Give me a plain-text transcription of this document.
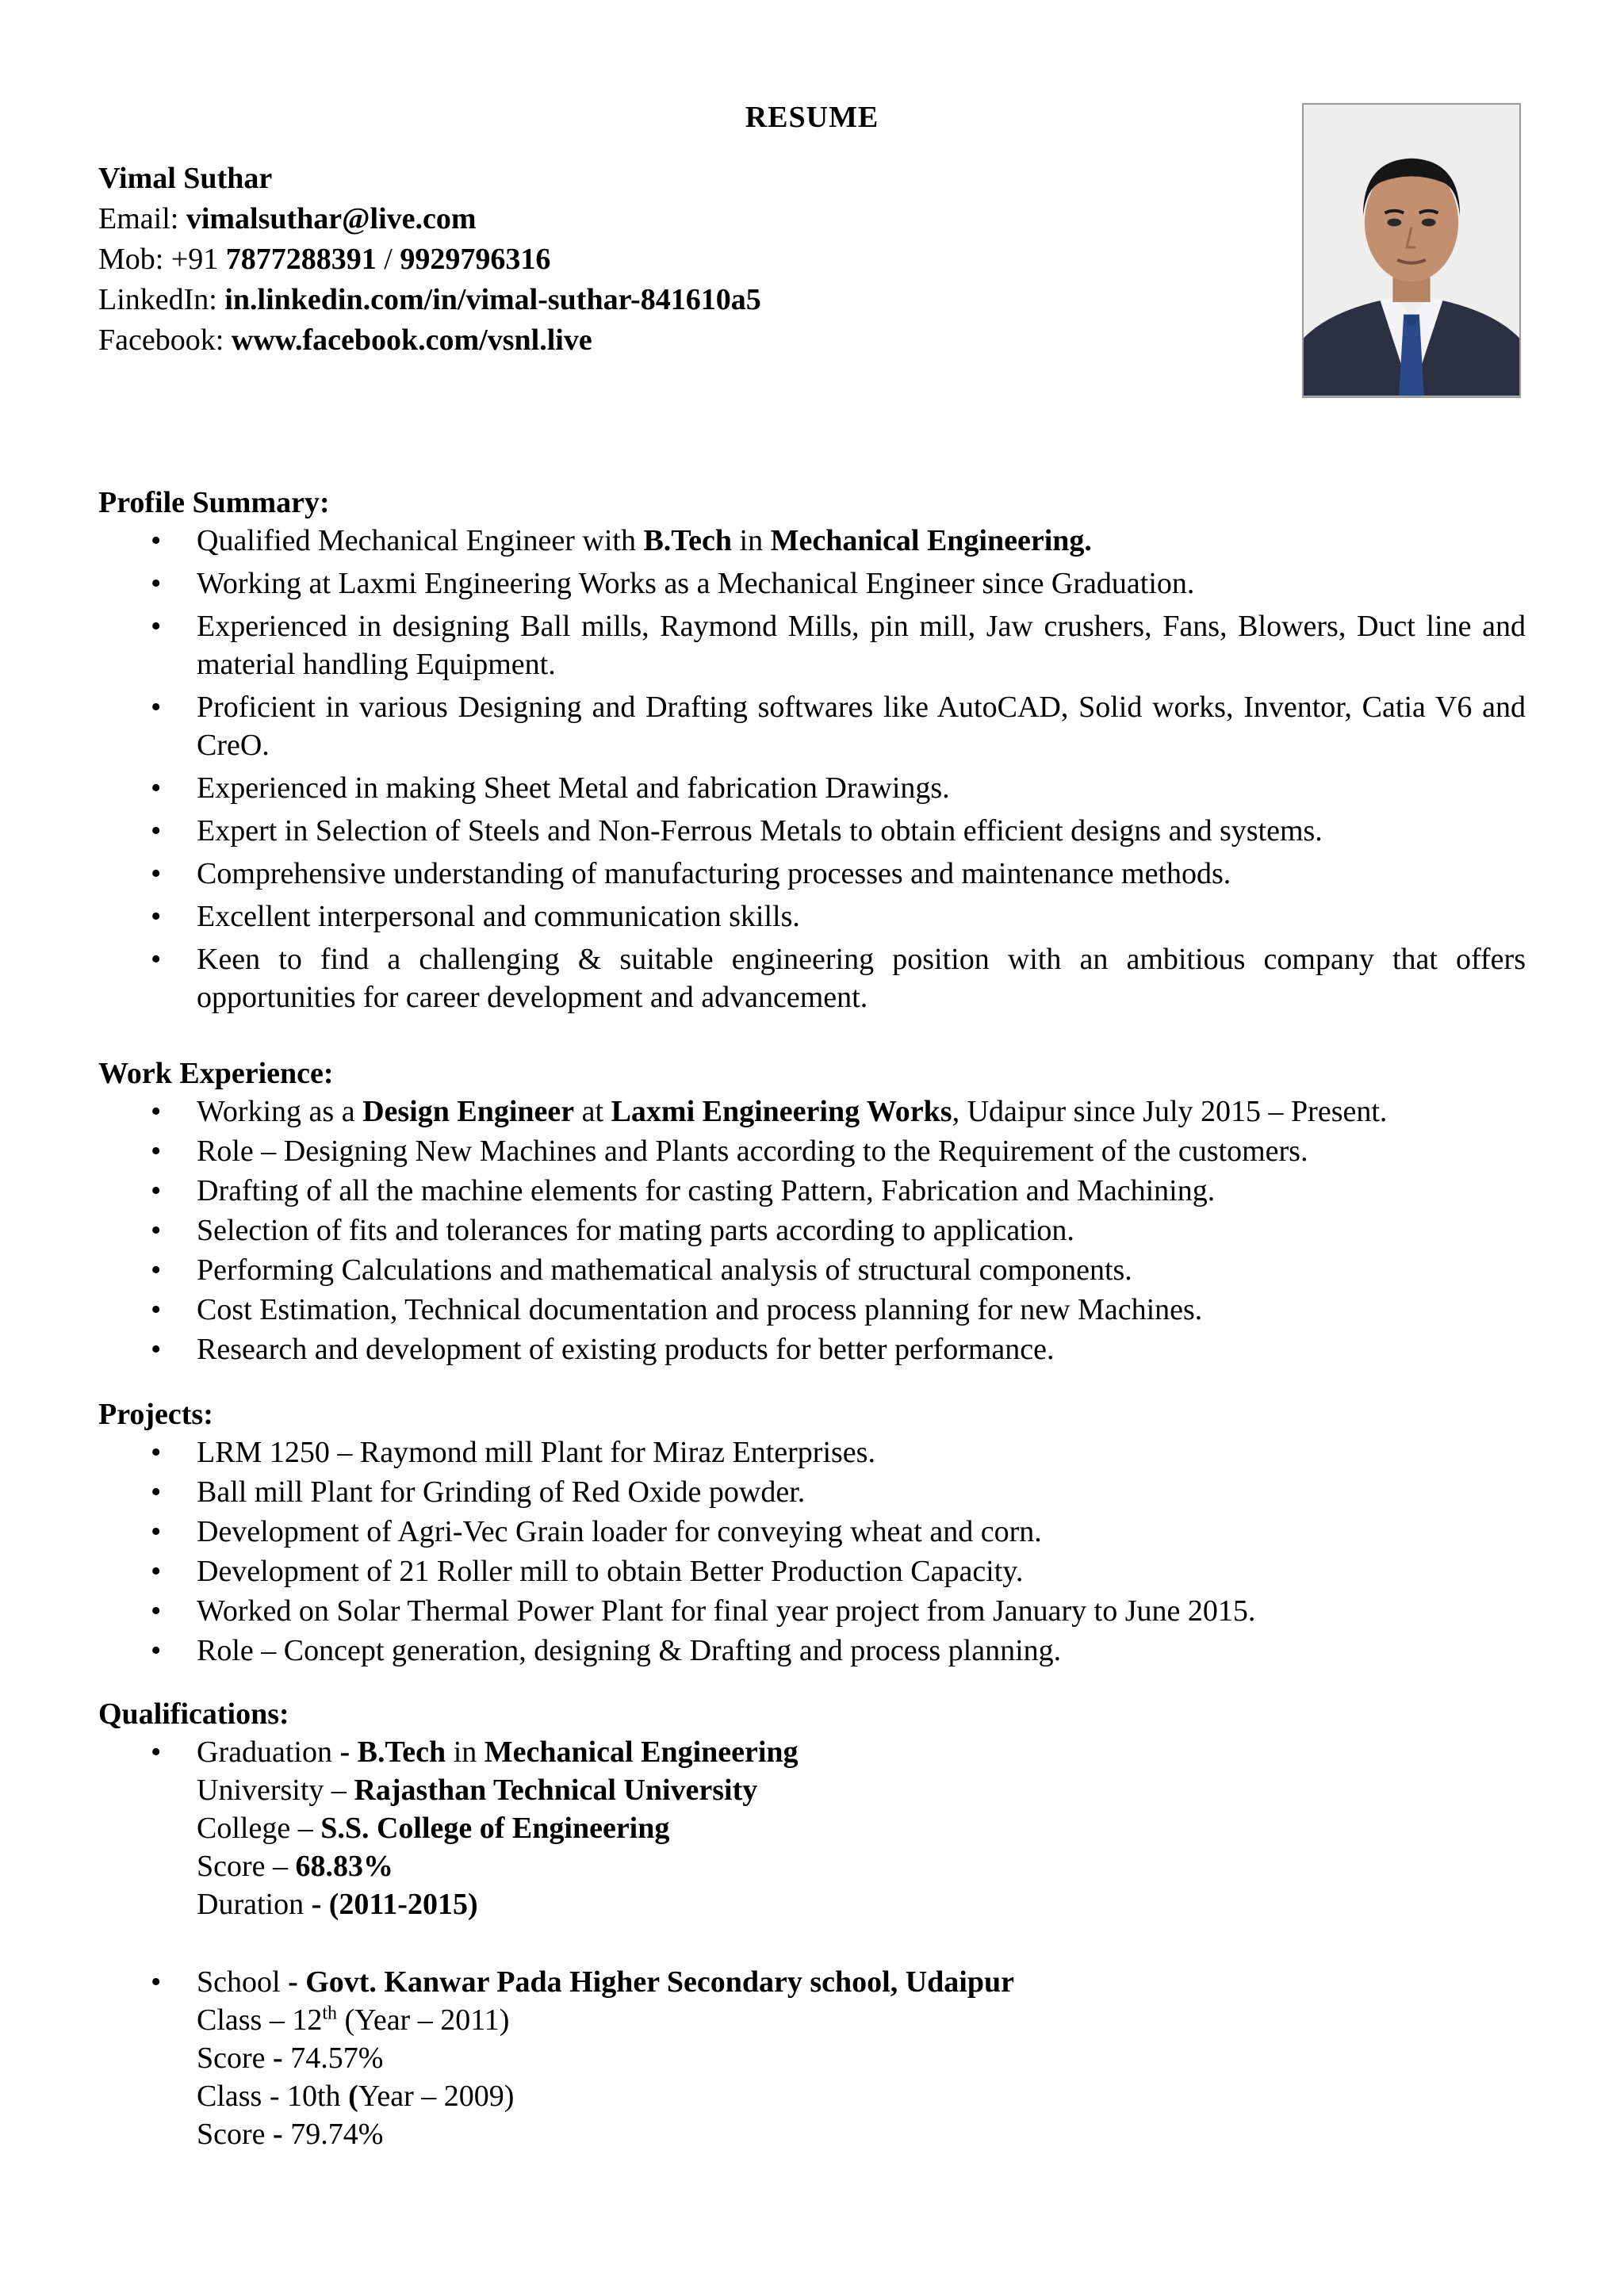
RESUME
Vimal Suthar
Email: vimalsuthar@live.com
Mob: +91 7877288391 / 9929796316
LinkedIn: in.linkedin.com/in/vimal-suthar-841610a5
Facebook: www.facebook.com/vsnl.live
Profile Summary:
• Qualified Mechanical Engineer with B.Tech in Mechanical Engineering.
• Working at Laxmi Engineering Works as a Mechanical Engineer since Graduation.
• Experienced in designing Ball mills, Raymond Mills, pin mill, Jaw crushers, Fans, Blowers, Duct line and material handling Equipment.
• Proficient in various Designing and Drafting softwares like AutoCAD, Solid works, Inventor, Catia V6 and CreO.
• Experienced in making Sheet Metal and fabrication Drawings.
• Expert in Selection of Steels and Non-Ferrous Metals to obtain efficient designs and systems.
• Comprehensive understanding of manufacturing processes and maintenance methods.
• Excellent interpersonal and communication skills.
• Keen to find a challenging & suitable engineering position with an ambitious company that offers opportunities for career development and advancement.
Work Experience:
• Working as a Design Engineer at Laxmi Engineering Works, Udaipur since July 2015 – Present.
• Role – Designing New Machines and Plants according to the Requirement of the customers.
• Drafting of all the machine elements for casting Pattern, Fabrication and Machining.
• Selection of fits and tolerances for mating parts according to application.
• Performing Calculations and mathematical analysis of structural components.
• Cost Estimation, Technical documentation and process planning for new Machines.
• Research and development of existing products for better performance.
Projects:
• LRM 1250 – Raymond mill Plant for Miraz Enterprises.
• Ball mill Plant for Grinding of Red Oxide powder.
• Development of Agri-Vec Grain loader for conveying wheat and corn.
• Development of 21 Roller mill to obtain Better Production Capacity.
• Worked on Solar Thermal Power Plant for final year project from January to June 2015.
• Role – Concept generation, designing & Drafting and process planning.
Qualifications:
• Graduation - B.Tech in Mechanical Engineering
University – Rajasthan Technical University
College – S.S. College of Engineering
Score – 68.83%
Duration - (2011-2015)
• School - Govt. Kanwar Pada Higher Secondary school, Udaipur
Class – 12th (Year – 2011)
Score - 74.57%
Class - 10th (Year – 2009)
Score - 79.74%
